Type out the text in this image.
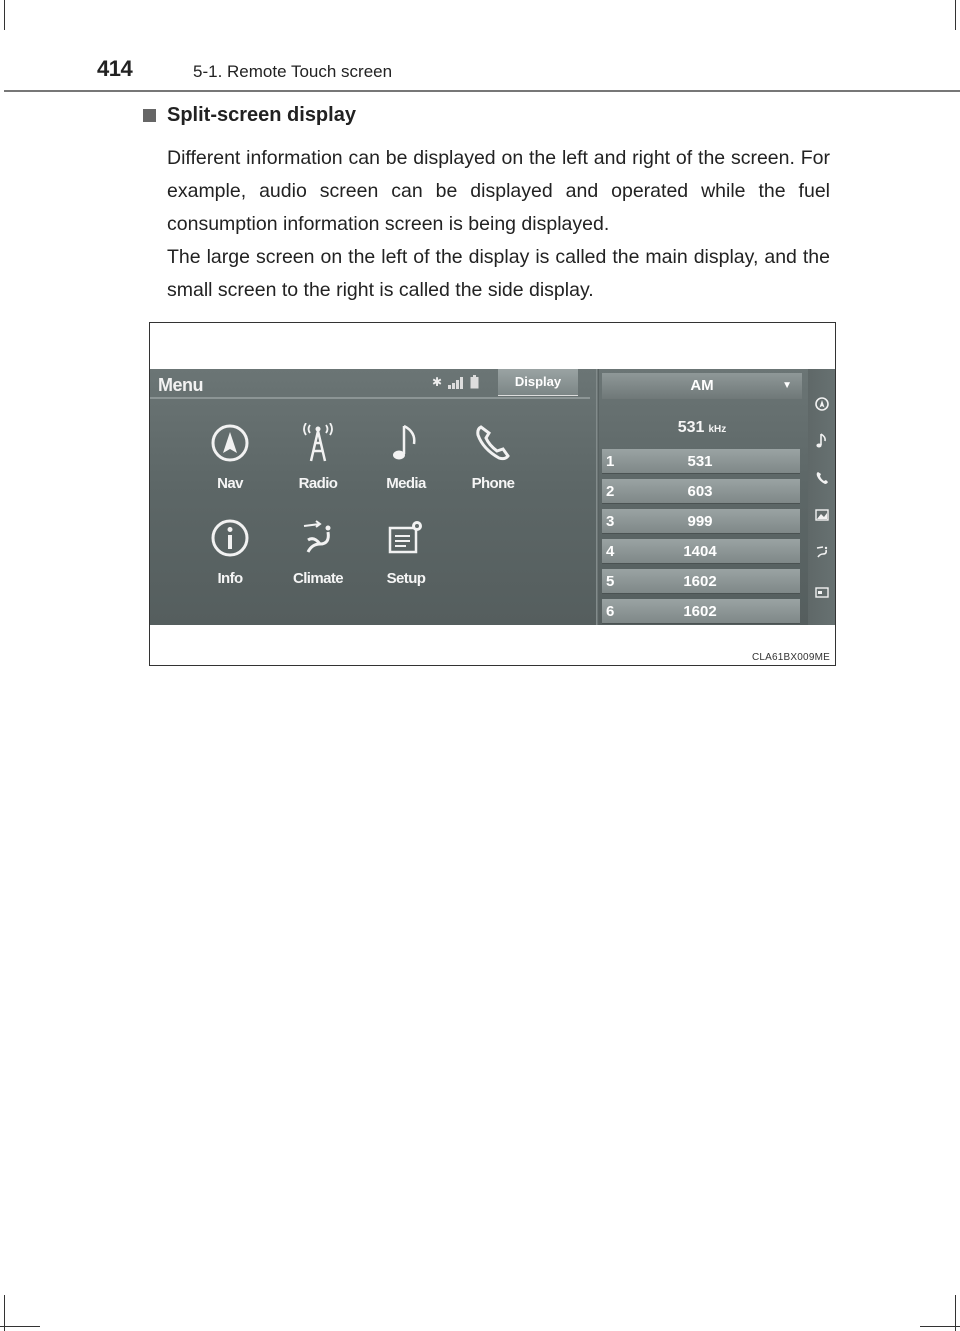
414	5-1. Remote Touch screen
Split-screen display

Different information can be displayed on the left and right of the screen. For example, audio screen can be displayed and operated while the fuel consumption information screen is being displayed.

The large screen on the left of the display is called the main display, and the small screen to the right is called the side display.

Menu	✱	Display
Nav	Radio	Media	Phone
Info	Climate	Setup
AM	▼
531 kHz
1	531
2	603
3	999
4	1404
5	1602
6	1602
CLA61BX009ME
